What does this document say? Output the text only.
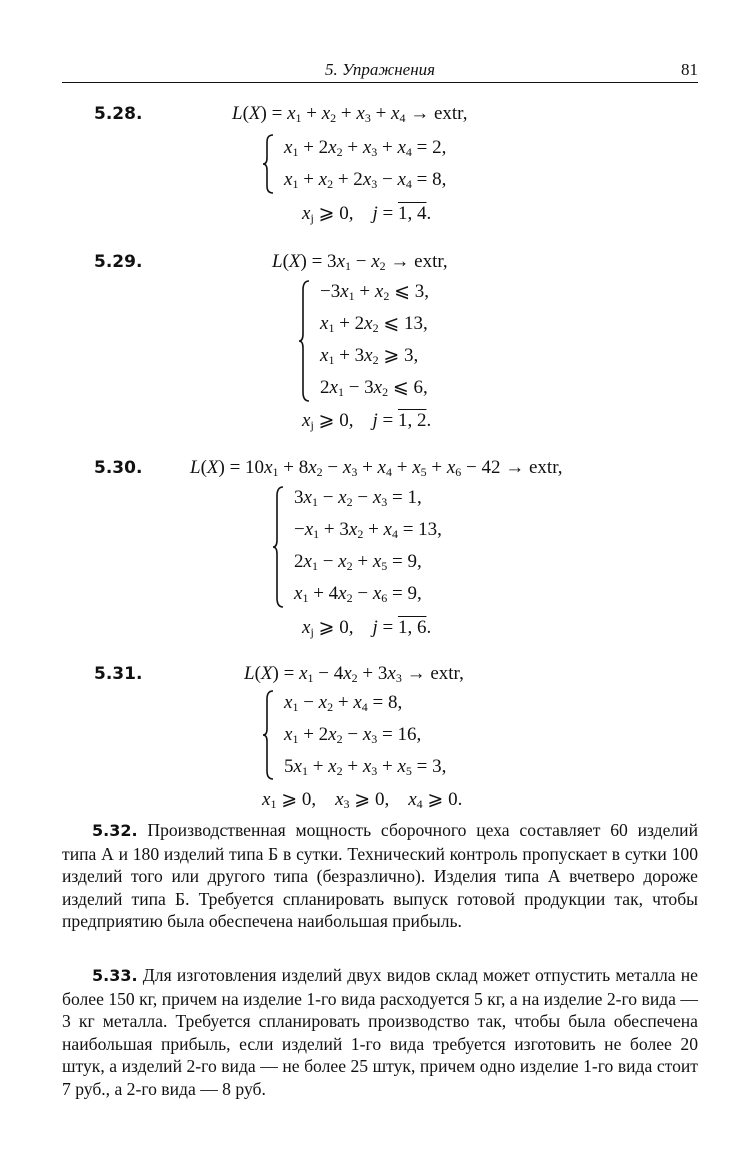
5. Упражнения	81
5.28.	$L(X) = x_1 + x_2 + x_3 + x_4$ → extr,
$x_1 + 2x_2 + x_3 + x_4 = 2$,
$x_1 + x_2 + 2x_3 - x_4 = 8$,
$x_j$ ⩾ 0,    j = 1, 4.
5.29.	$L(X) = 3x_1 - x_2$ → extr,
$-3x_1 + x_2$ ⩽ 3,
$x_1 + 2x_2$ ⩽ 13,
$x_1 + 3x_2$ ⩾ 3,
$2x_1 - 3x_2$ ⩽ 6,
$x_j$ ⩾ 0,    j = 1, 2.
5.30.	$L(X) = 10x_1 + 8x_2 - x_3 + x_4 + x_5 + x_6 - 42$ → extr,
$3x_1 - x_2 - x_3 = 1$,
$-x_1 + 3x_2 + x_4 = 13$,
$2x_1 - x_2 + x_5 = 9$,
$x_1 + 4x_2 - x_6 = 9$,
$x_j$ ⩾ 0,    j = 1, 6.
5.31.	$L(X) = x_1 - 4x_2 + 3x_3$ → extr,
$x_1 - x_2 + x_4 = 8$,
$x_1 + 2x_2 - x_3 = 16$,
$5x_1 + x_2 + x_3 + x_5 = 3$,
$x_1$ ⩾ 0,    $x_3$ ⩾ 0,    $x_4$ ⩾ 0.

5.32. Производственная мощность сборочного цеха составляет 60 изделий типа А и 180 изделий типа Б в сутки. Технический контроль пропускает в сутки 100 изделий того или другого типа (безразлично). Изделия типа А вчетверо дороже изделий типа Б. Требуется спланировать выпуск готовой продукции так, чтобы предприятию была обеспечена наибольшая прибыль.

5.33. Для изготовления изделий двух видов склад может отпустить металла не более 150 кг, причем на изделие 1-го вида расходуется 5 кг, а на изделие 2-го вида — 3 кг металла. Требуется спланировать производство так, чтобы была обеспечена наибольшая прибыль, если изделий 1-го вида требуется изготовить не более 20 штук, а изделий 2-го вида — не более 25 штук, причем одно изделие 1-го вида стоит 7 руб., а 2-го вида — 8 руб.
